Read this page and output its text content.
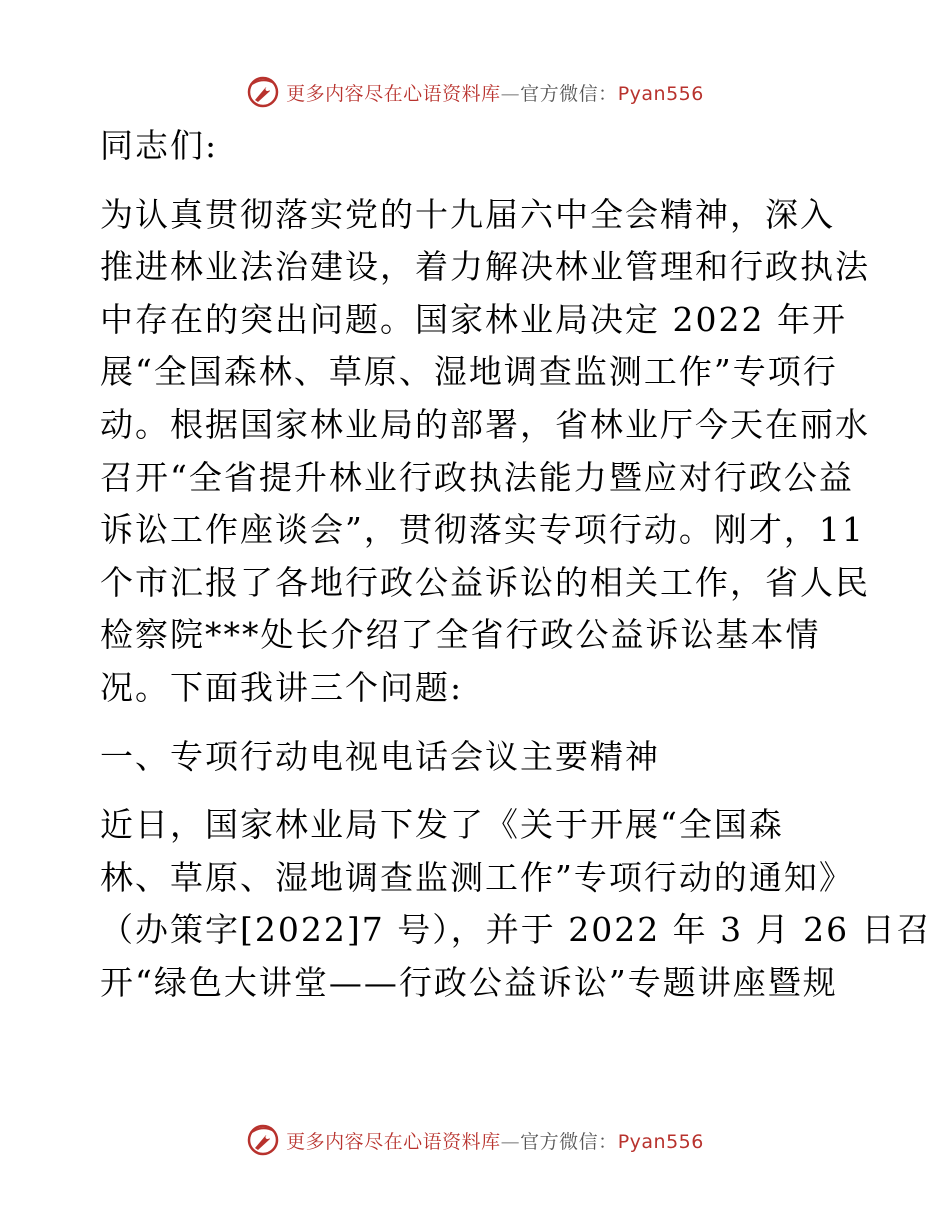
更多内容尽在心语资料库—官方微信：Pyan556

同志们:

为认真贯彻落实党的十九届六中全会精神，深入
推进林业法治建设，着力解决林业管理和行政执法
中存在的突出问题。国家林业局决定 2022 年开
展“全国森林、草原、湿地调查监测工作”专项行
动。根据国家林业局的部署，省林业厅今天在丽水
召开“全省提升林业行政执法能力暨应对行政公益
诉讼工作座谈会”，贯彻落实专项行动。刚才，11
个市汇报了各地行政公益诉讼的相关工作，省人民
检察院***处长介绍了全省行政公益诉讼基本情
况。下面我讲三个问题:

一、专项行动电视电话会议主要精神

近日，国家林业局下发了《关于开展“全国森
林、草原、湿地调查监测工作”专项行动的通知》
（办策字[2022]7 号），并于 2022 年 3 月 26 日召
开“绿色大讲堂——行政公益诉讼”专题讲座暨规

更多内容尽在心语资料库—官方微信：Pyan556
